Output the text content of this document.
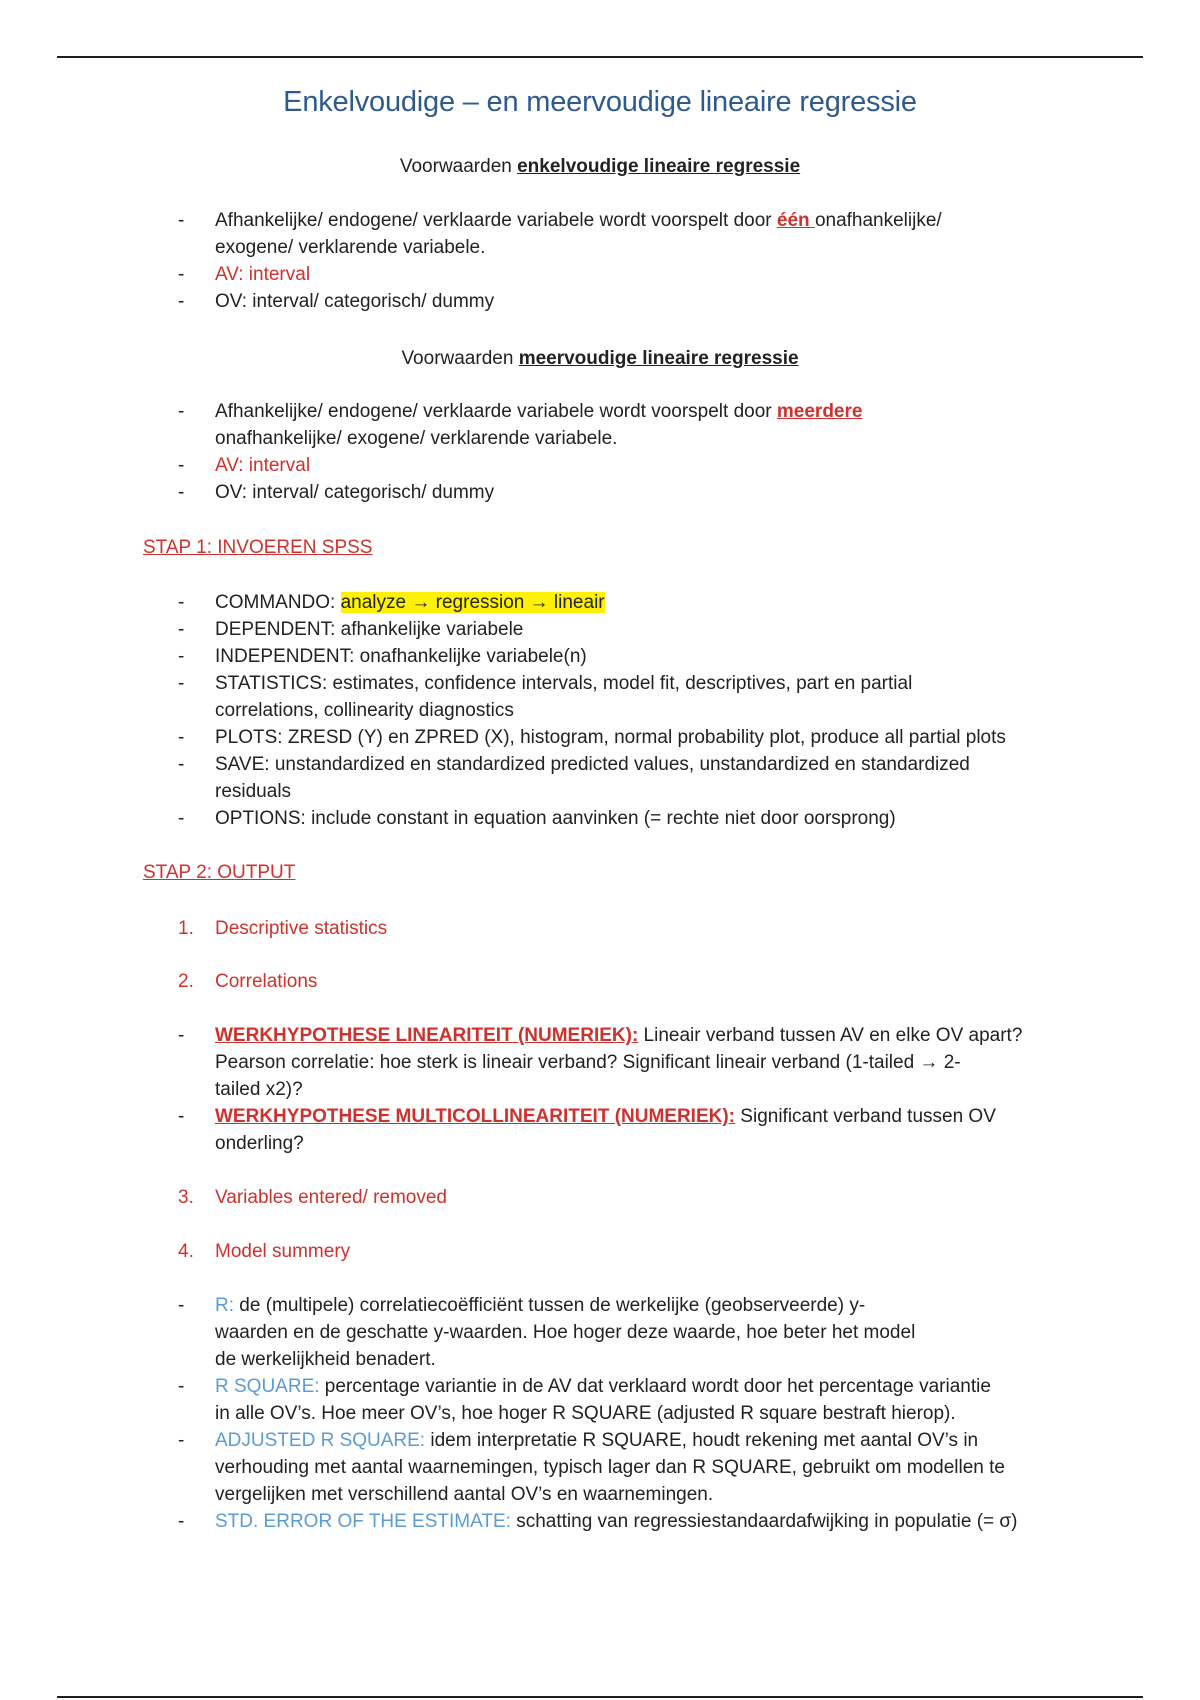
Enkelvoudige – en meervoudige lineaire regressie
Voorwaarden enkelvoudige lineaire regressie
-	Afhankelijke/ endogene/ verklaarde variabele wordt voorspelt door één onafhankelijke/
exogene/ verklarende variabele.
-	AV: interval
-	OV: interval/ categorisch/ dummy
Voorwaarden meervoudige lineaire regressie
-	Afhankelijke/ endogene/ verklaarde variabele wordt voorspelt door meerdere
onafhankelijke/ exogene/ verklarende variabele.
-	AV: interval
-	OV: interval/ categorisch/ dummy
STAP 1: INVOEREN SPSS
-	COMMANDO: analyze → regression → lineair
-	DEPENDENT: afhankelijke variabele
-	INDEPENDENT: onafhankelijke variabele(n)
-	STATISTICS: estimates, confidence intervals, model fit, descriptives, part en partial
correlations, collinearity diagnostics
-	PLOTS: ZRESD (Y) en ZPRED (X), histogram, normal probability plot, produce all partial plots
-	SAVE: unstandardized en standardized predicted values, unstandardized en standardized
residuals
-	OPTIONS: include constant in equation aanvinken (= rechte niet door oorsprong)
STAP 2: OUTPUT
1.	Descriptive statistics
2.	Correlations
-	WERKHYPOTHESE LINEARITEIT (NUMERIEK): Lineair verband tussen AV en elke OV apart?
Pearson correlatie: hoe sterk is lineair verband? Significant lineair verband (1-tailed → 2-
tailed x2)?
-	WERKHYPOTHESE MULTICOLLINEARITEIT (NUMERIEK): Significant verband tussen OV
onderling?
3.	Variables entered/ removed
4.	Model summery
-	R: de (multipele) correlatiecoëfficiënt tussen de werkelijke (geobserveerde) y-
waarden en de geschatte y-waarden. Hoe hoger deze waarde, hoe beter het model
de werkelijkheid benadert.
-	R SQUARE: percentage variantie in de AV dat verklaard wordt door het percentage variantie
in alle OV’s. Hoe meer OV’s, hoe hoger R SQUARE (adjusted R square bestraft hierop).
-	ADJUSTED R SQUARE: idem interpretatie R SQUARE, houdt rekening met aantal OV’s in
verhouding met aantal waarnemingen, typisch lager dan R SQUARE, gebruikt om modellen te
vergelijken met verschillend aantal OV’s en waarnemingen.
-	STD. ERROR OF THE ESTIMATE: schatting van regressiestandaardafwijking in populatie (= σ)
